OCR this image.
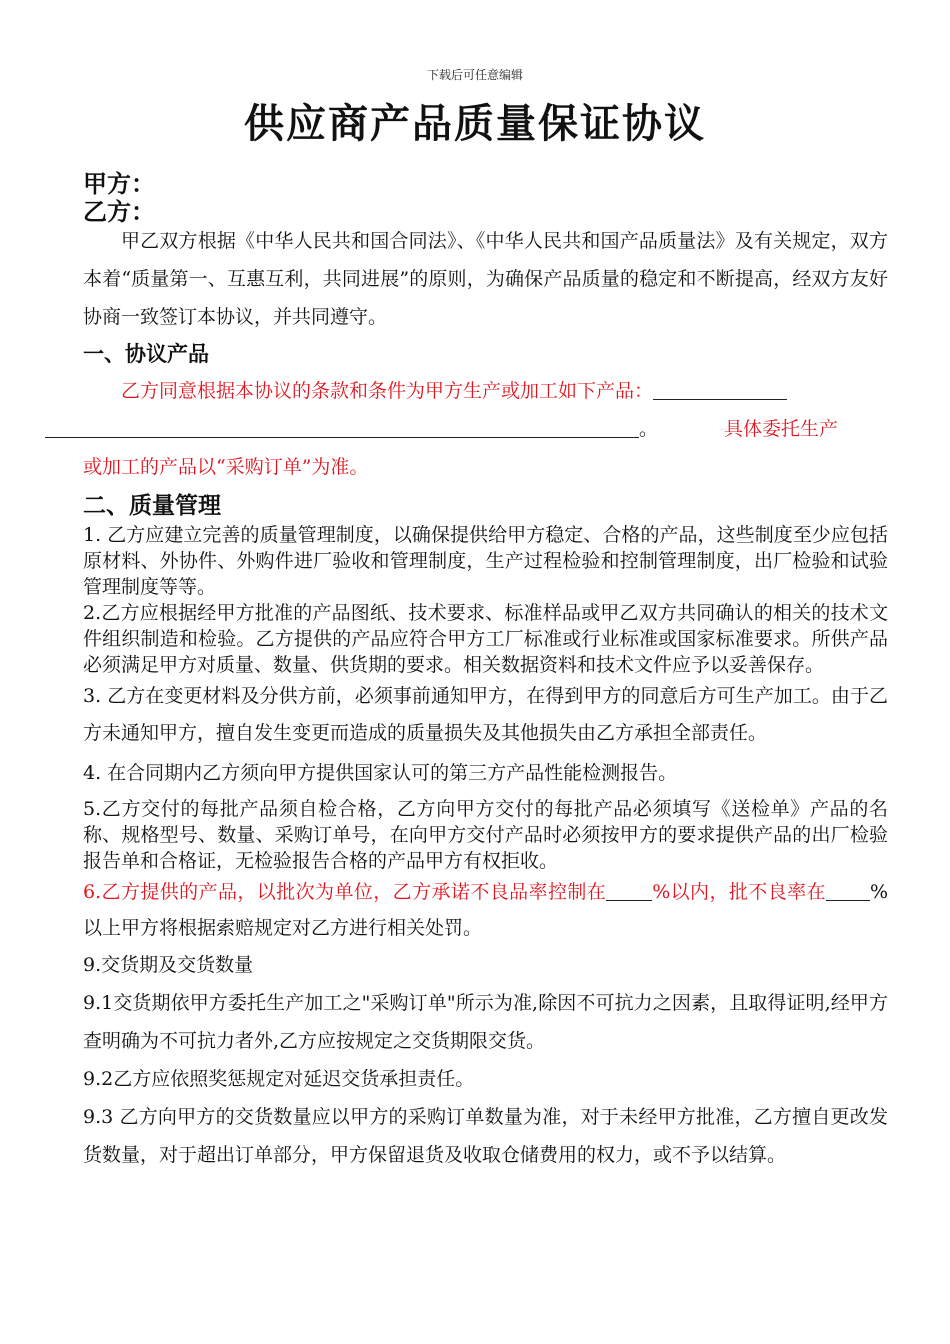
下载后可任意编辑
供应商产品质量保证协议
甲方：
乙方：

甲乙双方根据《中华人民共和国合同法》、《中华人民共和国产品质量法》及有关规定，双方本着“质量第一、互惠互利，共同进展”的原则，为确保产品质量的稳定和不断提高，经双方友好协商一致签订本协议，并共同遵守。

一、协议产品

乙方同意根据本协议的条款和条件为甲方生产或加工如下产品：
。	具体委托生产

或加工的产品以“采购订单”为准。

二、质量管理

1. 乙方应建立完善的质量管理制度，以确保提供给甲方稳定、合格的产品，这些制度至少应包括原材料、外协件、外购件进厂验收和管理制度，生产过程检验和控制管理制度，出厂检验和试验管理制度等等。

2.乙方应根据经甲方批准的产品图纸、技术要求、标准样品或甲乙双方共同确认的相关的技术文件组织制造和检验。乙方提供的产品应符合甲方工厂标准或行业标准或国家标准要求。所供产品必须满足甲方对质量、数量、供货期的要求。相关数据资料和技术文件应予以妥善保存。

3. 乙方在变更材料及分供方前，必须事前通知甲方，在得到甲方的同意后方可生产加工。由于乙方未通知甲方，擅自发生变更而造成的质量损失及其他损失由乙方承担全部责任。

4. 在合同期内乙方须向甲方提供国家认可的第三方产品性能检测报告。

5.乙方交付的每批产品须自检合格，乙方向甲方交付的每批产品必须填写《送检单》产品的名称、规格型号、数量、采购订单号，在向甲方交付产品时必须按甲方的要求提供产品的出厂检验报告单和合格证，无检验报告合格的产品甲方有权拒收。

6.乙方提供的产品，以批次为单位，乙方承诺不良品率控制在 %以内，批不良率在 %以上甲方将根据索赔规定对乙方进行相关处罚。

9.交货期及交货数量

9.1交货期依甲方委托生产加工之"采购订单"所示为准,除因不可抗力之因素，且取得证明,经甲方查明确为不可抗力者外,乙方应按规定之交货期限交货。

9.2乙方应依照奖惩规定对延迟交货承担责任。

9.3 乙方向甲方的交货数量应以甲方的采购订单数量为准，对于未经甲方批准，乙方擅自更改发货数量，对于超出订单部分，甲方保留退货及收取仓储费用的权力，或不予以结算。
